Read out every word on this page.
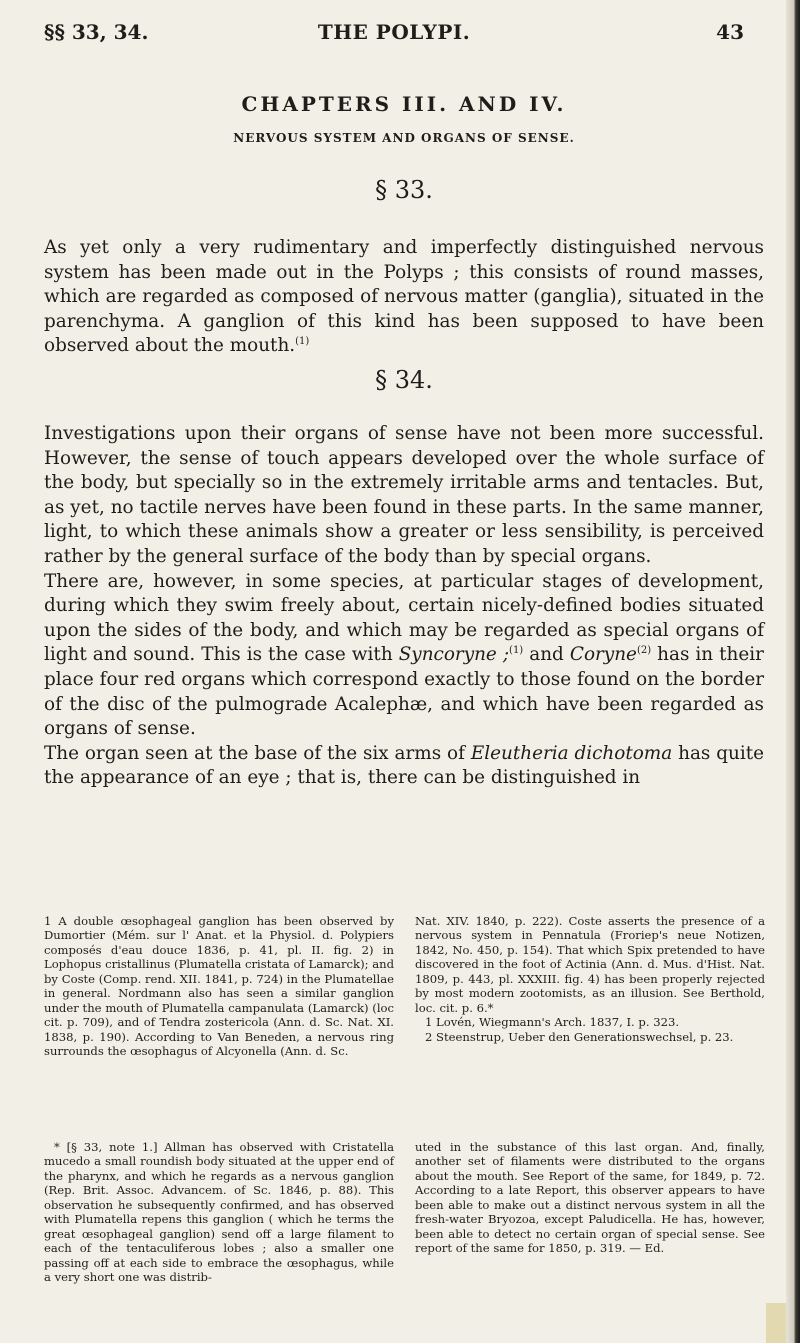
§§ 33, 34.	THE POLYPI.	43
CHAPTERS III. AND IV.
NERVOUS SYSTEM AND ORGANS OF SENSE.
§ 33.

As yet only a very rudimentary and imperfectly distinguished nervous system has been made out in the Polyps ; this consists of round masses, which are regarded as composed of nervous matter (ganglia), situated in the parenchyma. A ganglion of this kind has been supposed to have been observed about the mouth.$^{(1)}$

§ 34.

Investigations upon their organs of sense have not been more successful. However, the sense of touch appears developed over the whole surface of the body, but specially so in the extremely irritable arms and tentacles. But, as yet, no tactile nerves have been found in these parts. In the same manner, light, to which these animals show a greater or less sensibility, is perceived rather by the general surface of the body than by special organs.

There are, however, in some species, at particular stages of development, during which they swim freely about, certain nicely-defined bodies situated upon the sides of the body, and which may be regarded as special organs of light and sound. This is the case with Syncoryne ;$^{(1)}$ and Coryne$^{(2)}$ has in their place four red organs which correspond exactly to those found on the border of the disc of the pulmograde Acalephæ, and which have been regarded as organs of sense.

The organ seen at the base of the six arms of Eleutheria dichotoma has quite the appearance of an eye ; that is, there can be distinguished in

1 A double œsophageal ganglion has been observed by Dumortier (Mém. sur l' Anat. et la Physiol. d. Polypiers composés d'eau douce 1836, p. 41, pl. II. fig. 2) in Lophopus cristallinus (Plumatella cristata of Lamarck); and by Coste (Comp. rend. XII. 1841, p. 724) in the Plumatellae in general. Nordmann also has seen a similar ganglion under the mouth of Plumatella campanulata (Lamarck) (loc cit. p. 709), and of Tendra zostericola (Ann. d. Sc. Nat. XI. 1838, p. 190). According to Van Beneden, a nervous ring surrounds the œsophagus of Alcyonella (Ann. d. Sc.

Nat. XIV. 1840, p. 222). Coste asserts the presence of a nervous system in Pennatula (Froriep's neue Notizen, 1842, No. 450, p. 154). That which Spix pretended to have discovered in the foot of Actinia (Ann. d. Mus. d'Hist. Nat. 1809, p. 443, pl. XXXIII. fig. 4) has been properly rejected by most modern zootomists, as an illusion. See Berthold, loc. cit. p. 6.*

1 Lovén, Wiegmann's Arch. 1837, I. p. 323.

2 Steenstrup, Ueber den Generationswechsel, p. 23.

* [§ 33, note 1.] Allman has observed with Cristatella mucedo a small roundish body situated at the upper end of the pharynx, and which he regards as a nervous ganglion (Rep. Brit. Assoc. Advancem. of Sc. 1846, p. 88). This observation he subsequently confirmed, and has observed with Plumatella repens this ganglion ( which he terms the great œsophageal ganglion) send off a large filament to each of the tentaculiferous lobes ; also a smaller one passing off at each side to embrace the œsophagus, while a very short one was distrib-

uted in the substance of this last organ. And, finally, another set of filaments were distributed to the organs about the mouth. See Report of the same, for 1849, p. 72. According to a late Report, this observer appears to have been able to make out a distinct nervous system in all the fresh-water Bryozoa, except Paludicella. He has, however, been able to detect no certain organ of special sense. See report of the same for 1850, p. 319. — Ed.
